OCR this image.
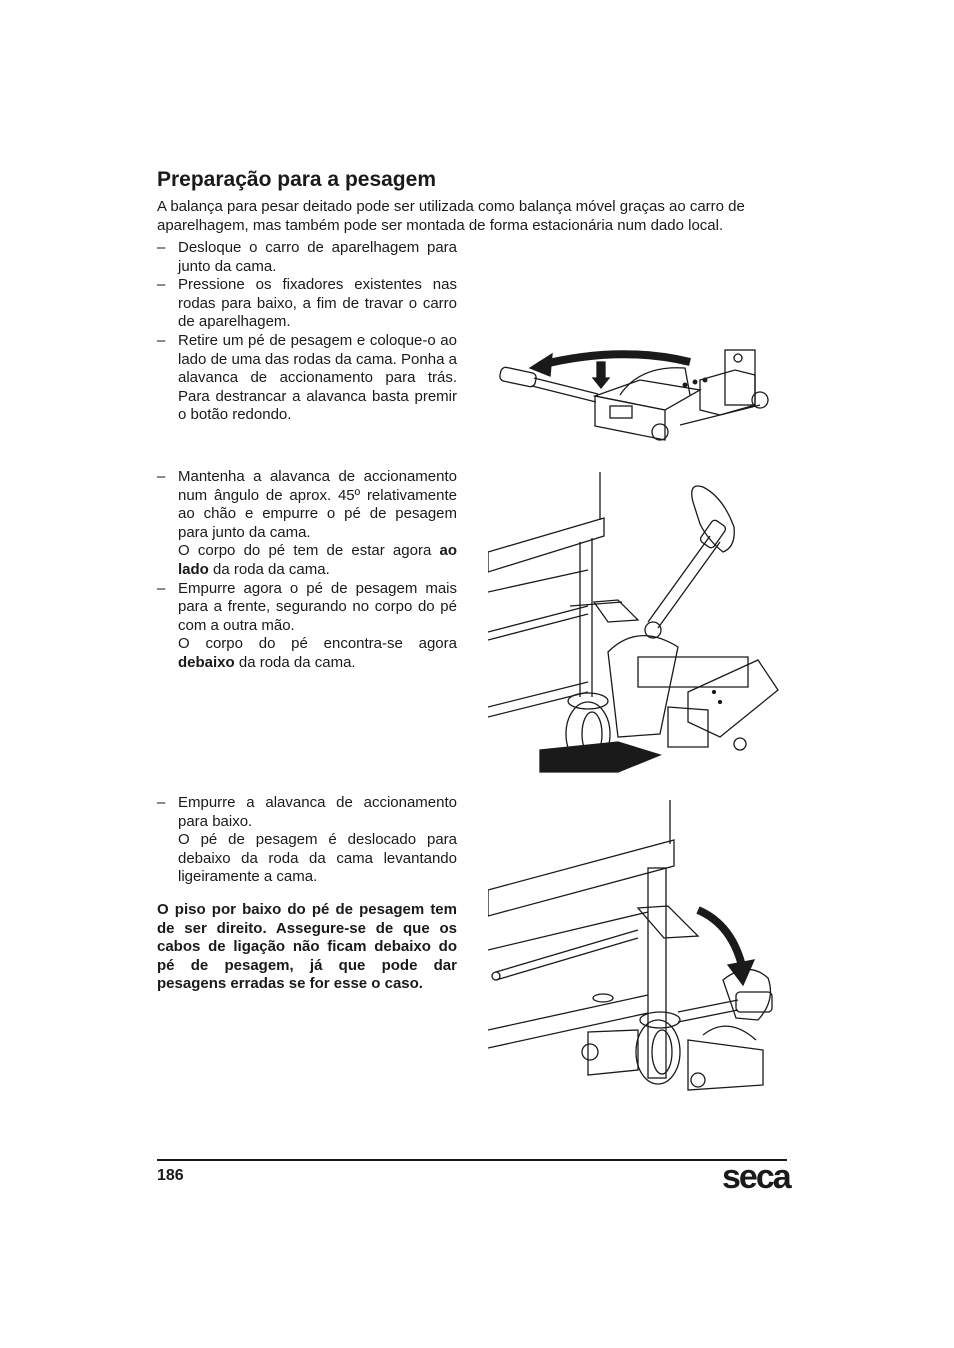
Preparação para a pesagem

A balança para pesar deitado pode ser utilizada como balança móvel graças ao carro de aparelhagem, mas também pode ser montada de forma estacionária num dado local.

– Desloque o carro de aparelhagem para junto da cama.
– Pressione os fixadores existentes nas rodas para baixo, a fim de travar o carro de aparelhagem.
– Retire um pé de pesagem e coloque-o ao lado de uma das rodas da cama. Ponha a alavanca de accionamento para trás. Para destrancar a alavanca basta premir o botão redondo.
– Mantenha a alavanca de accionamento num ângulo de aprox. 45º relativamente ao chão e empurre o pé de pesagem para junto da cama.
O corpo do pé tem de estar agora ao lado da roda da cama.
– Empurre agora o pé de pesagem mais para a frente, segurando no corpo do pé com a outra mão.
O corpo do pé encontra-se agora debaixo da roda da cama.
– Empurre a alavanca de accionamento para baixo.
O pé de pesagem é deslocado para debaixo da roda da cama levantando ligeiramente a cama.

O piso por baixo do pé de pesagem tem de ser direito. Assegure-se de que os cabos de ligação não ficam debaixo do pé de pesagem, já que pode dar pesagens erradas se for esse o caso.

186	seca
